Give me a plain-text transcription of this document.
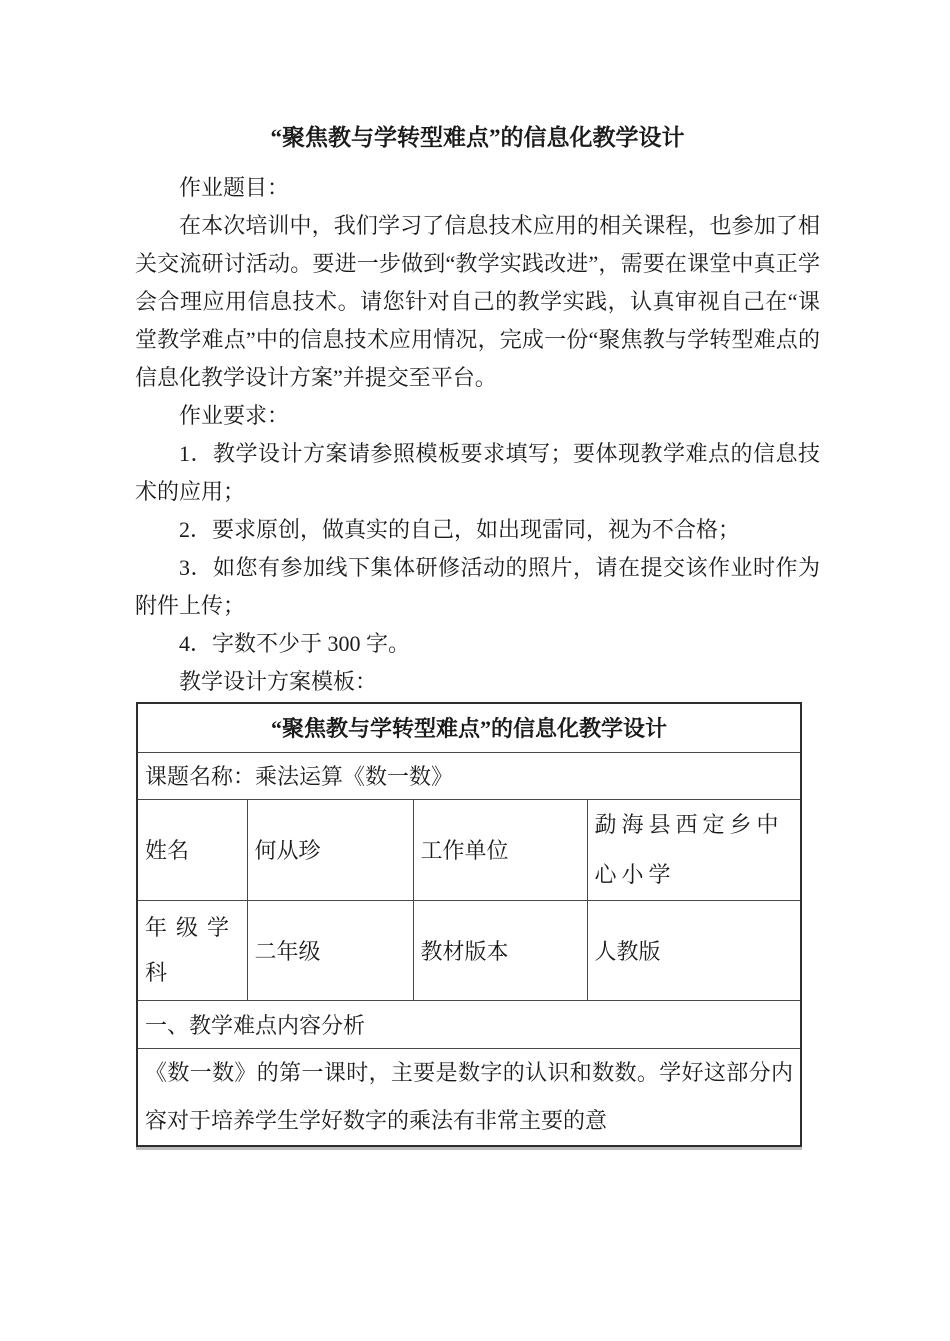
“聚焦教与学转型难点”的信息化教学设计

作业题目：

在本次培训中，我们学习了信息技术应用的相关课程，也参加了相关交流研讨活动。要进一步做到“教学实践改进”，需要在课堂中真正学会合理应用信息技术。请您针对自己的教学实践，认真审视自己在“课堂教学难点”中的信息技术应用情况，完成一份“聚焦教与学转型难点的信息化教学设计方案”并提交至平台。

作业要求：

1．教学设计方案请参照模板要求填写；要体现教学难点的信息技术的应用；

2．要求原创，做真实的自己，如出现雷同，视为不合格；

3．如您有参加线下集体研修活动的照片，请在提交该作业时作为附件上传；

4．字数不少于 300 字。

教学设计方案模板：

“聚焦教与学转型难点”的信息化教学设计			
课题名称：乘法运算《数一数》			
姓名	何从珍	工作单位	勐海县西定乡中心小学
年级学科	二年级	教材版本	人教版
一、教学难点内容分析			
《数一数》的第一课时，主要是数字的认识和数数。学好这部分内容对于培养学生学好数字的乘法有非常主要的意			
